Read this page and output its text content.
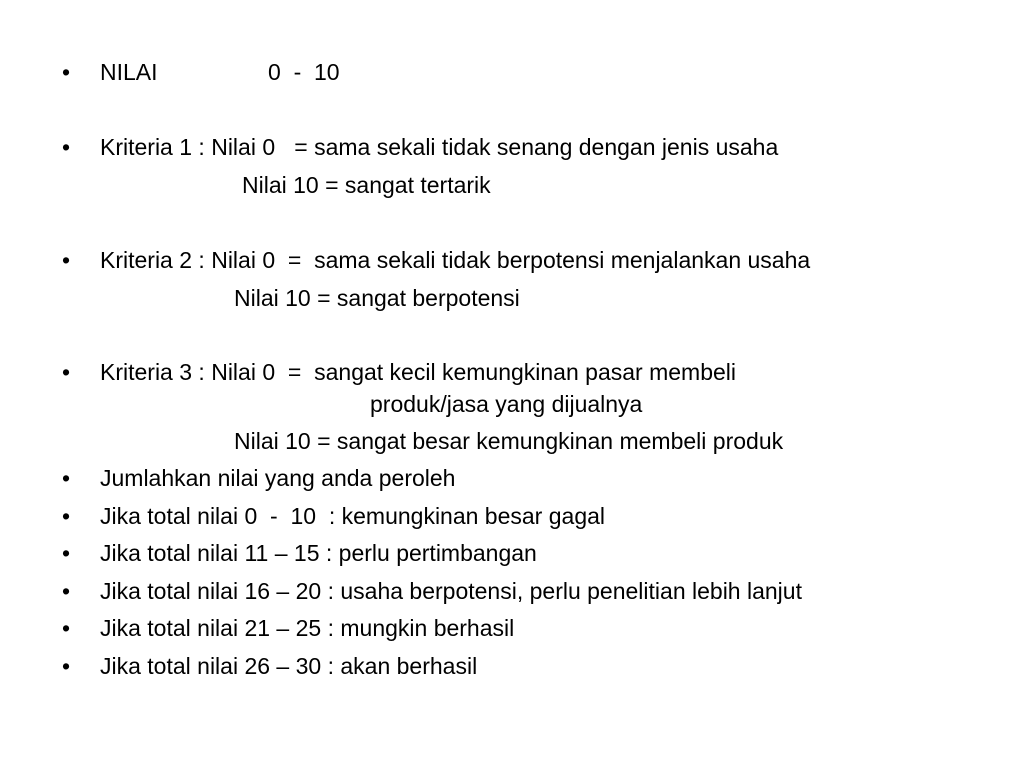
• NILAI	0  -  10
• Kriteria 1 : Nilai 0   = sama sekali tidak senang dengan jenis usaha
Nilai 10 = sangat tertarik
• Kriteria 2 : Nilai 0  =  sama sekali tidak berpotensi menjalankan usaha
Nilai 10 = sangat berpotensi
• Kriteria 3 : Nilai 0  =  sangat kecil kemungkinan pasar membeli
produk/jasa yang dijualnya
Nilai 10 = sangat besar kemungkinan membeli produk
• Jumlahkan nilai yang anda peroleh
• Jika total nilai 0  -  10  : kemungkinan besar gagal
• Jika total nilai 11 – 15 : perlu pertimbangan
• Jika total nilai 16 – 20 : usaha berpotensi, perlu penelitian lebih lanjut
• Jika total nilai 21 – 25 : mungkin berhasil
• Jika total nilai 26 – 30 : akan berhasil
